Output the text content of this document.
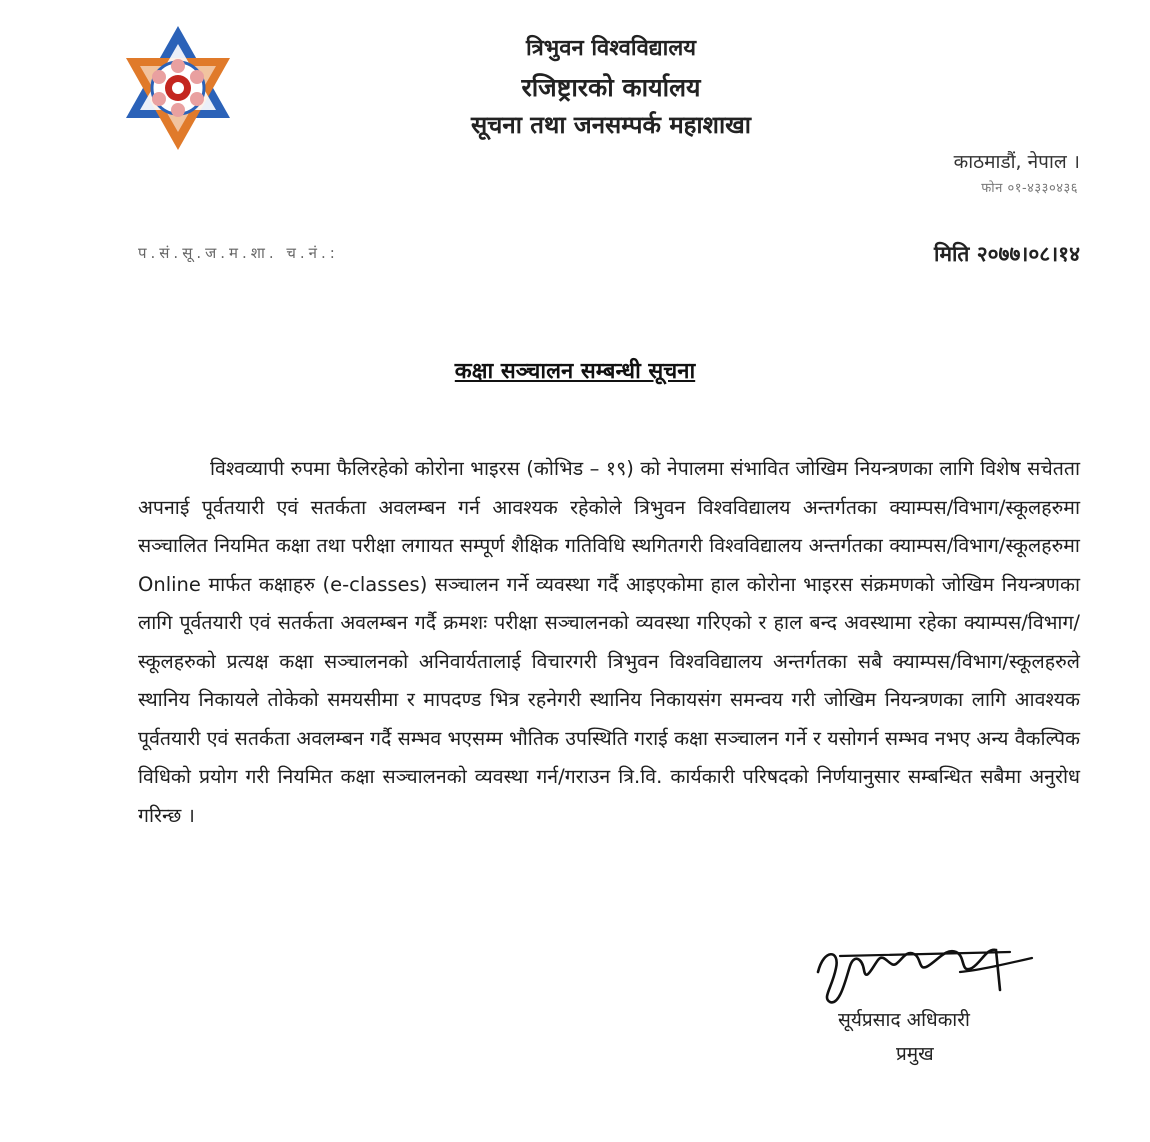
त्रिभुवन विश्वविद्यालय
रजिष्ट्रारको कार्यालय
सूचना तथा जनसम्पर्क महाशाखा
काठमाडौं, नेपाल ।
फोन ०१-४३३०४३६
प.सं.सू.ज.म.शा. च.नं.:	मिति २०७७।०८।१४
कक्षा सञ्चालन सम्बन्धी सूचना
विश्वव्यापी रुपमा फैलिरहेको कोरोना भाइरस (कोभिड – १९) को नेपालमा संभावित जोखिम नियन्त्रणका लागि विशेष सचेतता अपनाई पूर्वतयारी एवं सतर्कता अवलम्बन गर्न आवश्यक रहेकोले त्रिभुवन विश्वविद्यालय अन्तर्गतका क्याम्पस/विभाग/स्कूलहरुमा सञ्चालित नियमित कक्षा तथा परीक्षा लगायत सम्पूर्ण शैक्षिक गतिविधि स्थगितगरी विश्वविद्यालय अन्तर्गतका क्याम्पस/विभाग/स्कूलहरुमा Online मार्फत कक्षाहरु (e-classes) सञ्चालन गर्ने व्यवस्था गर्दै आइएकोमा हाल कोरोना भाइरस संक्रमणको जोखिम नियन्त्रणका लागि पूर्वतयारी एवं सतर्कता अवलम्बन गर्दै क्रमशः परीक्षा सञ्चालनको व्यवस्था गरिएको र हाल बन्द अवस्थामा रहेका क्याम्पस/विभाग/स्कूलहरुको प्रत्यक्ष कक्षा सञ्चालनको अनिवार्यतालाई विचारगरी त्रिभुवन विश्वविद्यालय अन्तर्गतका सबै क्याम्पस/विभाग/स्कूलहरुले स्थानिय निकायले तोकेको समयसीमा र मापदण्ड भित्र रहनेगरी स्थानिय निकायसंग समन्वय गरी जोखिम नियन्त्रणका लागि आवश्यक पूर्वतयारी एवं सतर्कता अवलम्बन गर्दै सम्भव भएसम्म भौतिक उपस्थिति गराई कक्षा सञ्चालन गर्ने र यसोगर्न सम्भव नभए अन्य वैकल्पिक विधिको प्रयोग गरी नियमित कक्षा सञ्चालनको व्यवस्था गर्न/गराउन त्रि.वि. कार्यकारी परिषदको निर्णयानुसार सम्बन्धित सबैमा अनुरोध गरिन्छ ।
सूर्यप्रसाद अधिकारी
प्रमुख
